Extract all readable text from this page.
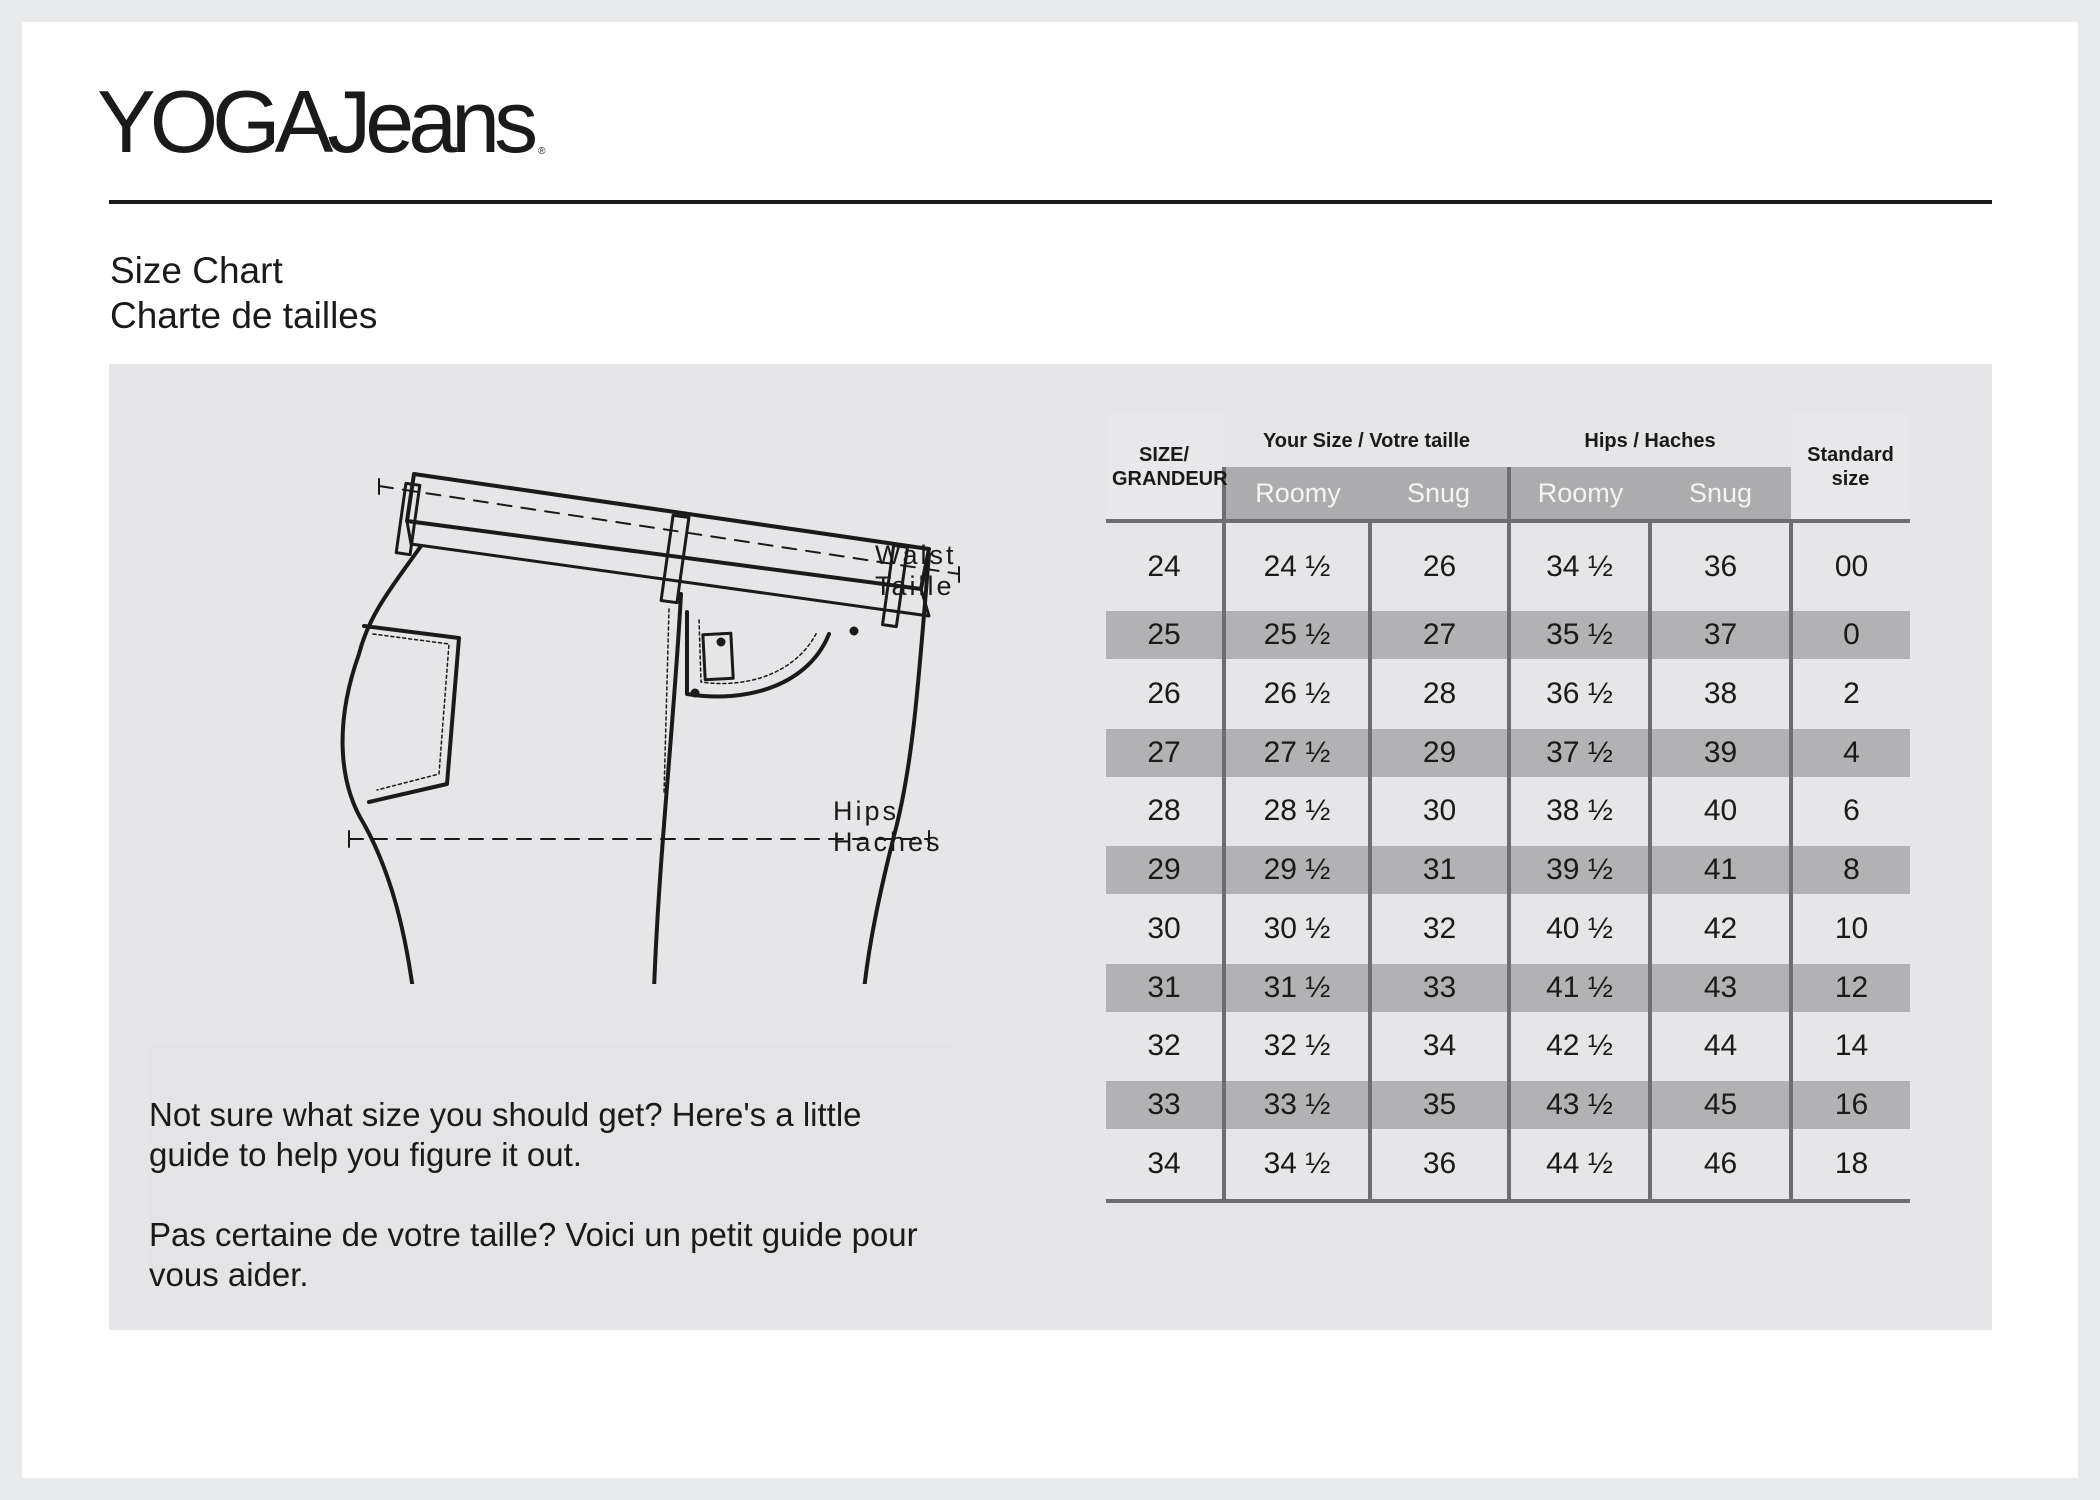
YOGAJeans ®
Size Chart
Charte de tailles
Waist
Taille
Hips
Haches

Not sure what size you should get? Here's a little guide to help you figure it out.

Pas certaine de votre taille? Voici un petit guide pour vous aider.

SIZE/ GRANDEUR	Your Size / Votre taille		Hips / Haches		Standard size
	Roomy	Snug	Roomy	Snug	
24	24 ½	26	34 ½	36	00
25	25 ½	27	35 ½	37	0
26	26 ½	28	36 ½	38	2
27	27 ½	29	37 ½	39	4
28	28 ½	30	38 ½	40	6
29	29 ½	31	39 ½	41	8
30	30 ½	32	40 ½	42	10
31	31 ½	33	41 ½	43	12
32	32 ½	34	42 ½	44	14
33	33 ½	35	43 ½	45	16
34	34 ½	36	44 ½	46	18
